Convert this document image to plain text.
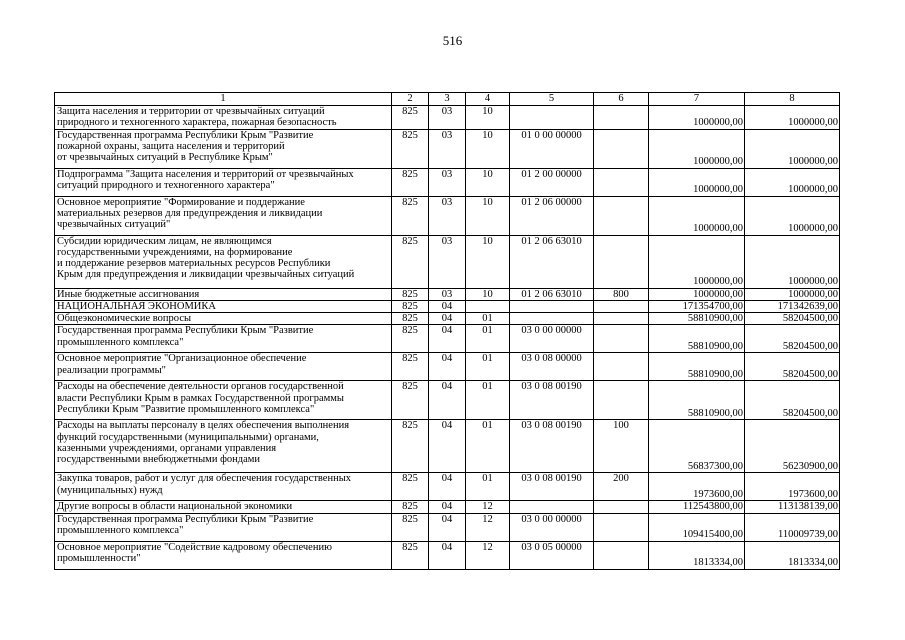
516
1	2	3	4	5	6	7	8

Защита населения и территории от чрезвычайных ситуаций
природного и техногенного характера, пожарная безопасность	825	03	10			1000000,00	1000000,00

Государственная программа Республики Крым "Развитие
пожарной охраны, защита населения и территорий
от чрезвычайных ситуаций в Республике Крым"	825	03	10	01 0 00 00000		1000000,00	1000000,00

Подпрограмма "Защита населения и территорий от чрезвычайных
ситуаций природного и техногенного характера"	825	03	10	01 2 00 00000		1000000,00	1000000,00

Основное мероприятие "Формирование и поддержание
материальных резервов для предупреждения и ликвидации
чрезвычайных ситуаций"	825	03	10	01 2 06 00000		1000000,00	1000000,00

Субсидии юридическим лицам, не являющимся
государственными учреждениями, на формирование
и поддержание резервов материальных ресурсов Республики
Крым для предупреждения и ликвидации чрезвычайных ситуаций	825	03	10	01 2 06 63010		1000000,00	1000000,00

Иные бюджетные ассигнования	825	03	10	01 2 06 63010	800	1000000,00	1000000,00

НАЦИОНАЛЬНАЯ ЭКОНОМИКА	825	04				171354700,00	171342639,00

Общеэкономические вопросы	825	04	01			58810900,00	58204500,00

Государственная программа Республики Крым "Развитие
промышленного комплекса"	825	04	01	03 0 00 00000		58810900,00	58204500,00

Основное мероприятие "Организационное обеспечение
реализации программы"	825	04	01	03 0 08 00000		58810900,00	58204500,00

Расходы на обеспечение деятельности органов государственной
власти Республики Крым в рамках Государственной программы
Республики Крым "Развитие промышленного комплекса"	825	04	01	03 0 08 00190		58810900,00	58204500,00

Расходы на выплаты персоналу в целях обеспечения выполнения
функций государственными (муниципальными) органами,
казенными учреждениями, органами управления
государственными внебюджетными фондами	825	04	01	03 0 08 00190	100	56837300,00	56230900,00

Закупка товаров, работ и услуг для обеспечения государственных
(муниципальных) нужд	825	04	01	03 0 08 00190	200	1973600,00	1973600,00

Другие вопросы в области национальной экономики	825	04	12			112543800,00	113138139,00

Государственная программа Республики Крым "Развитие
промышленного комплекса"	825	04	12	03 0 00 00000		109415400,00	110009739,00

Основное мероприятие "Содействие кадровому обеспечению
промышленности"	825	04	12	03 0 05 00000		1813334,00	1813334,00
